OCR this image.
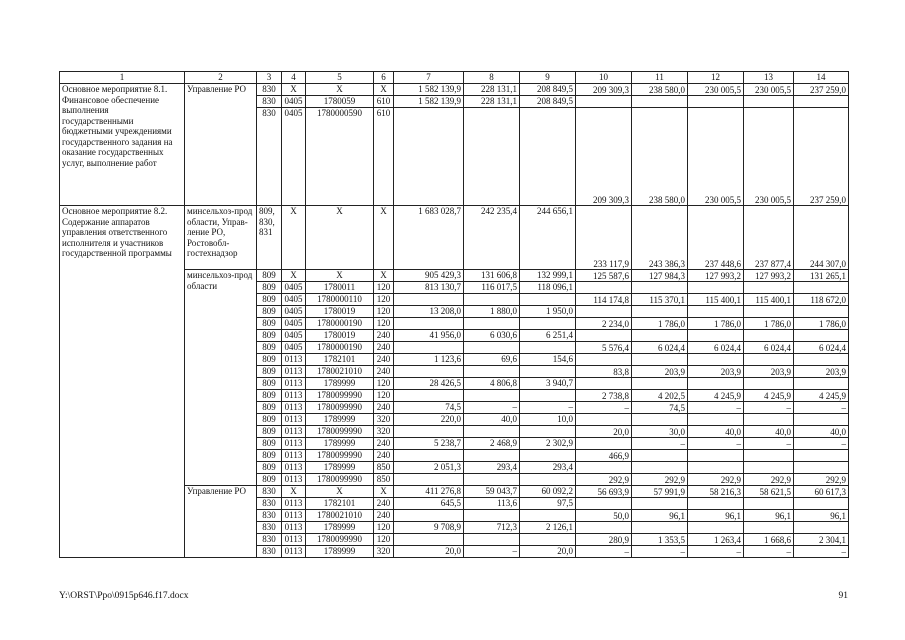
1	2	3	4	5	6	7	8	9	10	11	12	13	14
Основное мероприятие 8.1. Финансовое обеспечение выполнения государственными бюджетными учреждениями государственного задания на оказание государственных услуг, выполнение работ	Управление РО	830	Х	Х	Х	1 582 139,9	228 131,1	208 849,5	209 309,3	238 580,0	230 005,5	230 005,5	237 259,0
		830	0405	1780059	610	1 582 139,9	228 131,1	208 849,5					
		830	0405	1780000590	610				209 309,3	238 580,0	230 005,5	230 005,5	237 259,0
Основное мероприятие 8.2. Содержание аппаратов управления ответственного исполнителя и участников государственной программы	минсельхоз-прод области, Управление РО, Ростовобл-гостехнадзор	809, 830, 831	Х	Х	Х	1 683 028,7	242 235,4	244 656,1	233 117,9	243 386,3	237 448,6	237 877,4	244 307,0
	минсельхоз-прод области	809	Х	Х	Х	905 429,3	131 606,8	132 999,1	125 587,6	127 984,3	127 993,2	127 993,2	131 265,1
		809	0405	1780011	120	813 130,7	116 017,5	118 096,1					
		809	0405	1780000110	120				114 174,8	115 370,1	115 400,1	115 400,1	118 672,0
		809	0405	1780019	120	13 208,0	1 880,0	1 950,0					
		809	0405	1780000190	120				2 234,0	1 786,0	1 786,0	1 786,0	1 786,0
		809	0405	1780019	240	41 956,0	6 030,6	6 251,4					
		809	0405	1780000190	240				5 576,4	6 024,4	6 024,4	6 024,4	6 024,4
		809	0113	1782101	240	1 123,6	69,6	154,6					
		809	0113	1780021010	240				83,8	203,9	203,9	203,9	203,9
		809	0113	1789999	120	28 426,5	4 806,8	3 940,7					
		809	0113	1780099990	120				2 738,8	4 202,5	4 245,9	4 245,9	4 245,9
		809	0113	1780099990	240	74,5	–	–	–	74,5	–	–	–
		809	0113	1789999	320	220,0	40,0	10,0					
		809	0113	1780099990	320				20,0	30,0	40,0	40,0	40,0
		809	0113	1789999	240	5 238,7	2 468,9	2 302,9		–	–	–	–
		809	0113	1780099990	240				466,9				
		809	0113	1789999	850	2 051,3	293,4	293,4					
		809	0113	1780099990	850				292,9	292,9	292,9	292,9	292,9
	Управление РО	830	Х	Х	Х	411 276,8	59 043,7	60 092,2	56 693,9	57 991,9	58 216,3	58 621,5	60 617,3
		830	0113	1782101	240	645,5	113,6	97,5					
		830	0113	1780021010	240				50,0	96,1	96,1	96,1	96,1
		830	0113	1789999	120	9 708,9	712,3	2 126,1					
		830	0113	1780099990	120				280,9	1 353,5	1 263,4	1 668,6	2 304,1
		830	0113	1789999	320	20,0	–	20,0	–	–	–	–	–
Y:\ORST\Ppo\0915p646.f17.docx	91
